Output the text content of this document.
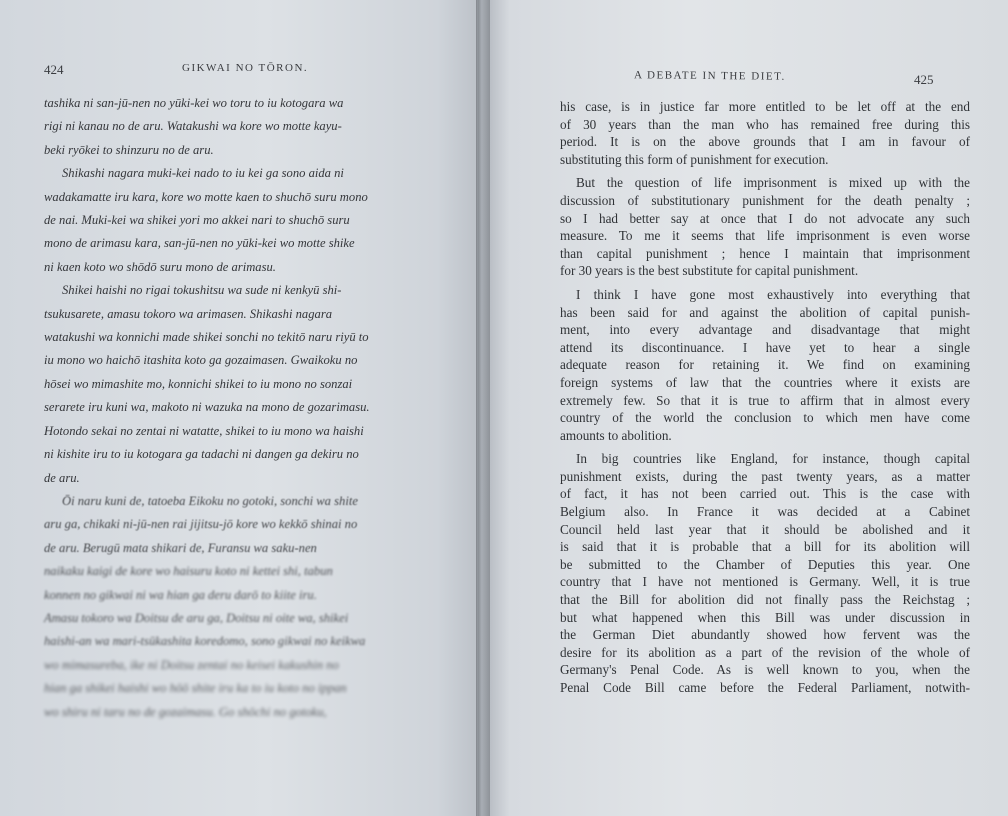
424	GIKWAI NO TŌRON.
tashika ni san-jū-nen no yūki-kei wo toru to iu kotogara wa
rigi ni kanau no de aru. Watakushi wa kore wo motte kayu-
beki ryōkei to shinzuru no de aru.
Shikashi nagara muki-kei nado to iu kei ga sono aida ni
wadakamatte iru kara, kore wo motte kaen to shuchō suru mono
de nai. Muki-kei wa shikei yori mo akkei nari to shuchō suru
mono de arimasu kara, san-jū-nen no yūki-kei wo motte shike
ni kaen koto wo shōdō suru mono de arimasu.
Shikei haishi no rigai tokushitsu wa sude ni kenkyū shi-
tsukusarete, amasu tokoro wa arimasen. Shikashi nagara
watakushi wa konnichi made shikei sonchi no tekitō naru riyū to
iu mono wo haichō itashita koto ga gozaimasen. Gwaikoku no
hōsei wo mimashite mo, konnichi shikei to iu mono no sonzai
serarete iru kuni wa, makoto ni wazuka na mono de gozarimasu.
Hotondo sekai no zentai ni watatte, shikei to iu mono wa haishi
ni kishite iru to iu kotogara ga tadachi ni dangen ga dekiru no
de aru.
Ōi naru kuni de, tatoeba Eikoku no gotoki, sonchi wa shite
aru ga, chikaki ni-jū-nen rai jijitsu-jō kore wo kekkō shinai no
de aru. Berugū mata shikari de, Furansu wa saku-nen
naikaku kaigi de kore wo haisuru koto ni kettei shi, tabun
konnen no gikwai ni wa hian ga deru darō to kiite iru.
Amasu tokoro wa Doitsu de aru ga, Doitsu ni oite wa, shikei
haishi-an wa mari-tsūkashita koredomo, sono gikwai no keikwa
wo mimasureba, ike ni Doitsu zentai no keisei kakushin no
hian ga shikei haishi wo hōō shite iru ka to iu koto no ippan
wo shiru ni taru no de gozaimasu. Go shōchi no gotoku,
A DEBATE IN THE DIET.	425
his case, is in justice far more entitled to be let off at the end
of 30 years than the man who has remained free during this
period. It is on the above grounds that I am in favour of
substituting this form of punishment for execution.
But the question of life imprisonment is mixed up with the
discussion of substitutionary punishment for the death penalty ;
so I had better say at once that I do not advocate any such
measure. To me it seems that life imprisonment is even worse
than capital punishment ; hence I maintain that imprisonment
for 30 years is the best substitute for capital punishment.
I think I have gone most exhaustively into everything that
has been said for and against the abolition of capital punish-
ment, into every advantage and disadvantage that might
attend its discontinuance. I have yet to hear a single
adequate reason for retaining it. We find on examining
foreign systems of law that the countries where it exists are
extremely few. So that it is true to affirm that in almost every
country of the world the conclusion to which men have come
amounts to abolition.
In big countries like England, for instance, though capital
punishment exists, during the past twenty years, as a matter
of fact, it has not been carried out. This is the case with
Belgium also. In France it was decided at a Cabinet
Council held last year that it should be abolished and it
is said that it is probable that a bill for its abolition will
be submitted to the Chamber of Deputies this year. One
country that I have not mentioned is Germany. Well, it is true
that the Bill for abolition did not finally pass the Reichstag ;
but what happened when this Bill was under discussion in
the German Diet abundantly showed how fervent was the
desire for its abolition as a part of the revision of the whole of
Germany's Penal Code. As is well known to you, when the
Penal Code Bill came before the Federal Parliament, notwith-
